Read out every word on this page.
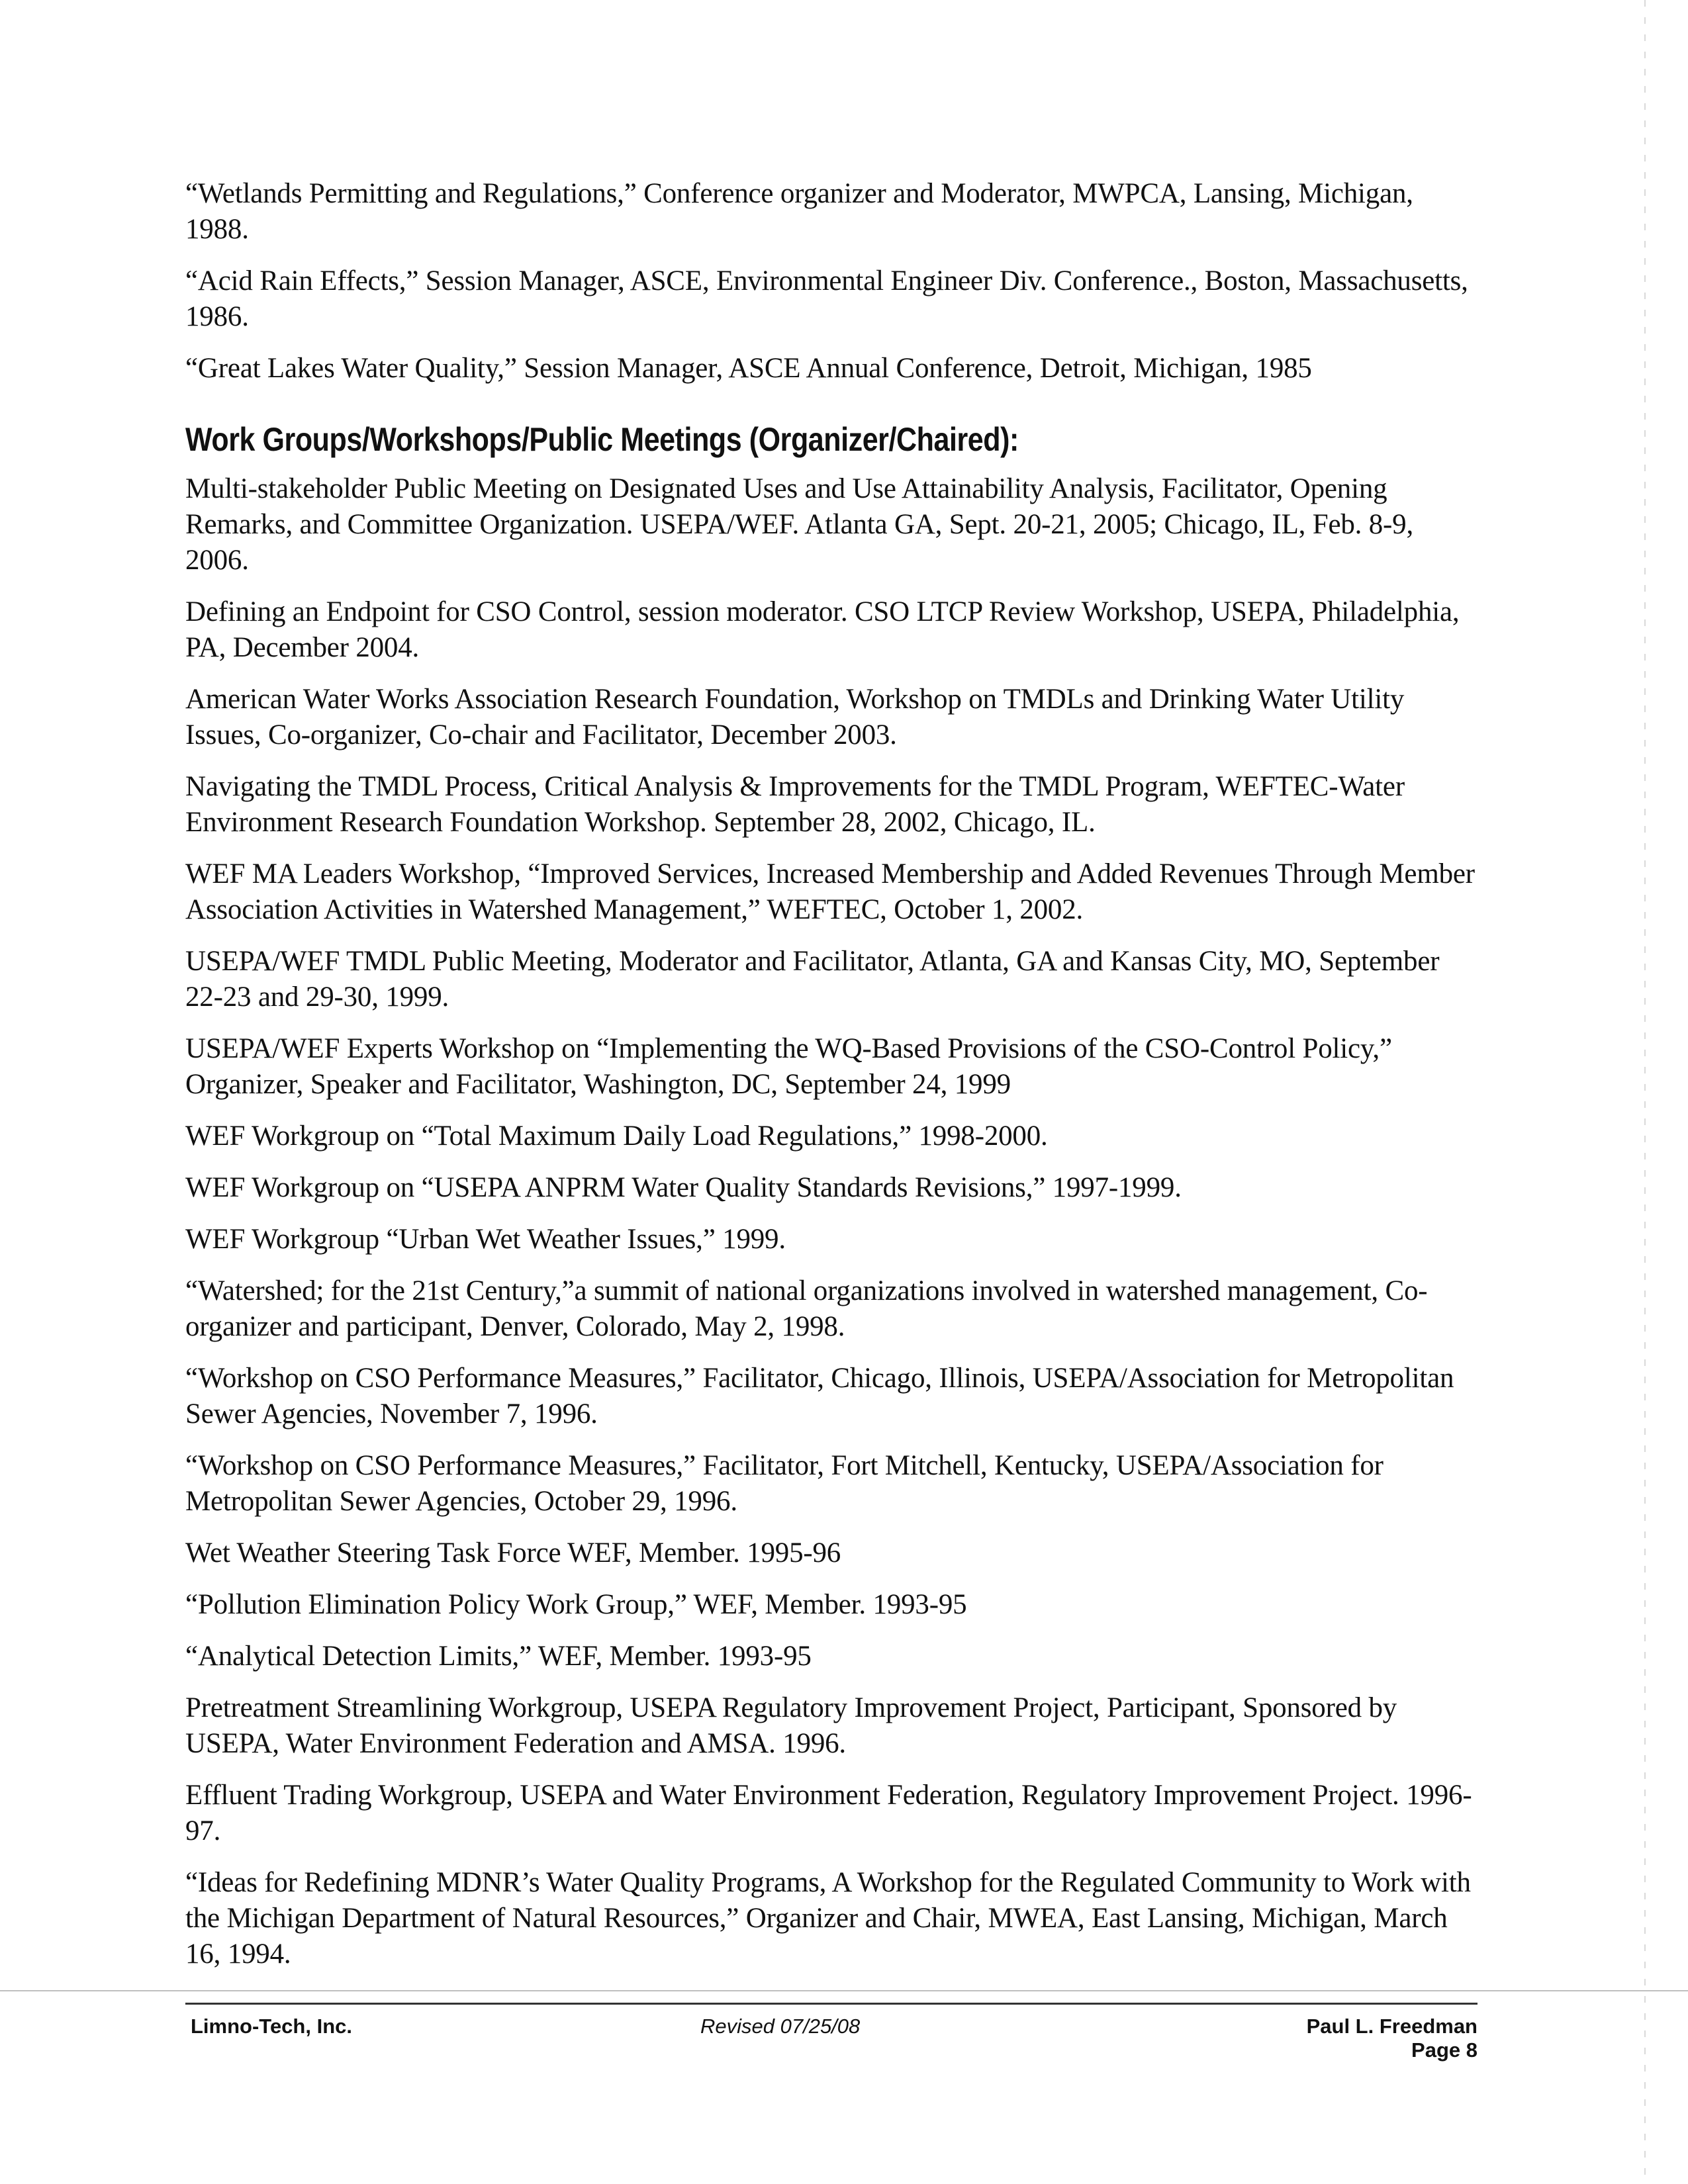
“Wetlands Permitting and Regulations,” Conference organizer and Moderator, MWPCA, Lansing, Michigan, 1988.

“Acid Rain Effects,” Session Manager, ASCE, Environmental Engineer Div. Conference., Boston, Massachusetts, 1986.

“Great Lakes Water Quality,” Session Manager, ASCE Annual Conference, Detroit, Michigan, 1985

Work Groups/Workshops/Public Meetings (Organizer/Chaired):

Multi-stakeholder Public Meeting on Designated Uses and Use Attainability Analysis, Facilitator, Opening Remarks, and Committee Organization. USEPA/WEF. Atlanta GA, Sept. 20-21, 2005; Chicago, IL, Feb. 8-9, 2006.

Defining an Endpoint for CSO Control, session moderator. CSO LTCP Review Workshop, USEPA, Philadelphia, PA, December 2004.

American Water Works Association Research Foundation, Workshop on TMDLs and Drinking Water Utility Issues, Co-organizer, Co-chair and Facilitator, December 2003.

Navigating the TMDL Process, Critical Analysis & Improvements for the TMDL Program, WEFTEC-Water Environment Research Foundation Workshop. September 28, 2002, Chicago, IL.

WEF MA Leaders Workshop, “Improved Services, Increased Membership and Added Revenues Through Member Association Activities in Watershed Management,” WEFTEC, October 1, 2002.

USEPA/WEF TMDL Public Meeting, Moderator and Facilitator, Atlanta, GA and Kansas City, MO, September 22-23 and 29-30, 1999.

USEPA/WEF Experts Workshop on “Implementing the WQ-Based Provisions of the CSO-Control Policy,” Organizer, Speaker and Facilitator, Washington, DC, September 24, 1999

WEF Workgroup on “Total Maximum Daily Load Regulations,” 1998-2000.

WEF Workgroup on “USEPA ANPRM Water Quality Standards Revisions,” 1997-1999.

WEF Workgroup “Urban Wet Weather Issues,” 1999.

“Watershed; for the 21st Century,”a summit of national organizations involved in watershed management, Co-organizer and participant, Denver, Colorado, May 2, 1998.

“Workshop on CSO Performance Measures,” Facilitator, Chicago, Illinois, USEPA/Association for Metropolitan Sewer Agencies, November 7, 1996.

“Workshop on CSO Performance Measures,” Facilitator, Fort Mitchell, Kentucky, USEPA/Association for Metropolitan Sewer Agencies, October 29, 1996.

Wet Weather Steering Task Force WEF, Member. 1995-96

“Pollution Elimination Policy Work Group,” WEF, Member. 1993-95

“Analytical Detection Limits,” WEF, Member. 1993-95

Pretreatment Streamlining Workgroup, USEPA Regulatory Improvement Project, Participant, Sponsored by USEPA, Water Environment Federation and AMSA. 1996.

Effluent Trading Workgroup, USEPA and Water Environment Federation, Regulatory Improvement Project. 1996-97.

“Ideas for Redefining MDNR’s Water Quality Programs, A Workshop for the Regulated Community to Work with the Michigan Department of Natural Resources,” Organizer and Chair, MWEA, East Lansing, Michigan, March 16, 1994.

Limno-Tech, Inc.	Revised 07/25/08	Paul L. Freedman
Page 8
